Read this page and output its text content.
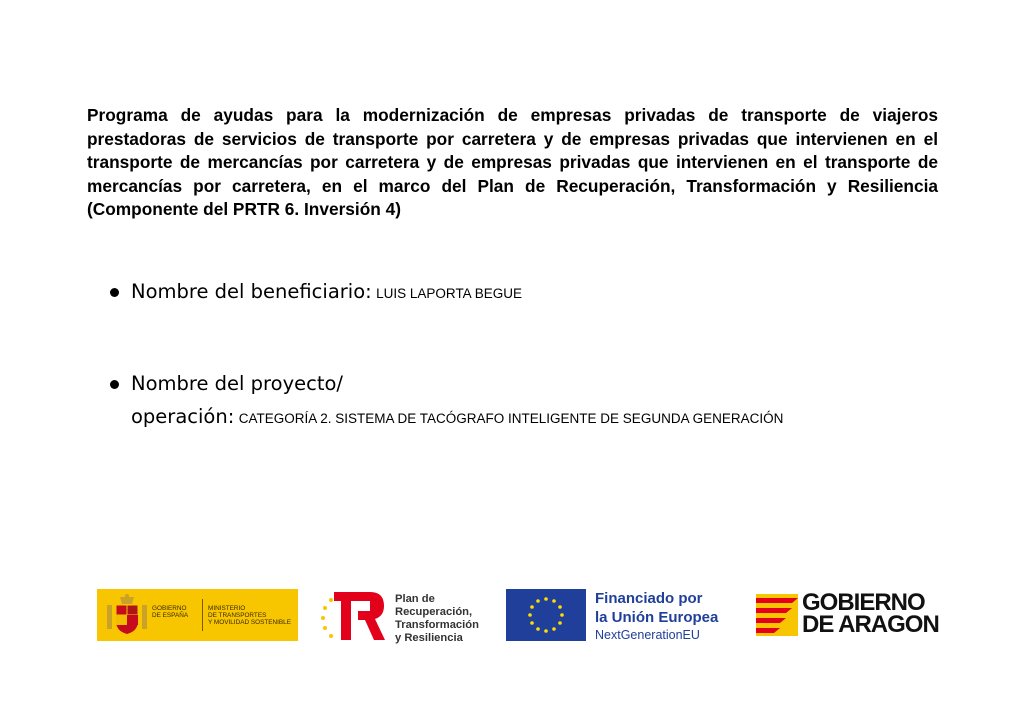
Programa de ayudas para la modernización de empresas privadas de transporte de viajeros prestadoras de servicios de transporte por carretera y de empresas privadas que intervienen en el transporte de mercancías por carretera y de empresas privadas que intervienen en el transporte de mercancías por carretera, en el marco del Plan de Recuperación, Transformación y Resiliencia (Componente del PRTR 6. Inversión 4)
Nombre del beneficiario: LUIS LAPORTA BEGUE
Nombre del proyecto/
operación: CATEGORÍA 2. SISTEMA DE TACÓGRAFO INTELIGENTE DE SEGUNDA GENERACIÓN
GOBIERNO
DE ESPAÑA
MINISTERIO
DE TRANSPORTES
Y MOVILIDAD SOSTENIBLE
Plan de
Recuperación,
Transformación
y Resiliencia
Financiado por
la Unión Europea
NextGenerationEU
GOBIERNO
DE ARAGON
